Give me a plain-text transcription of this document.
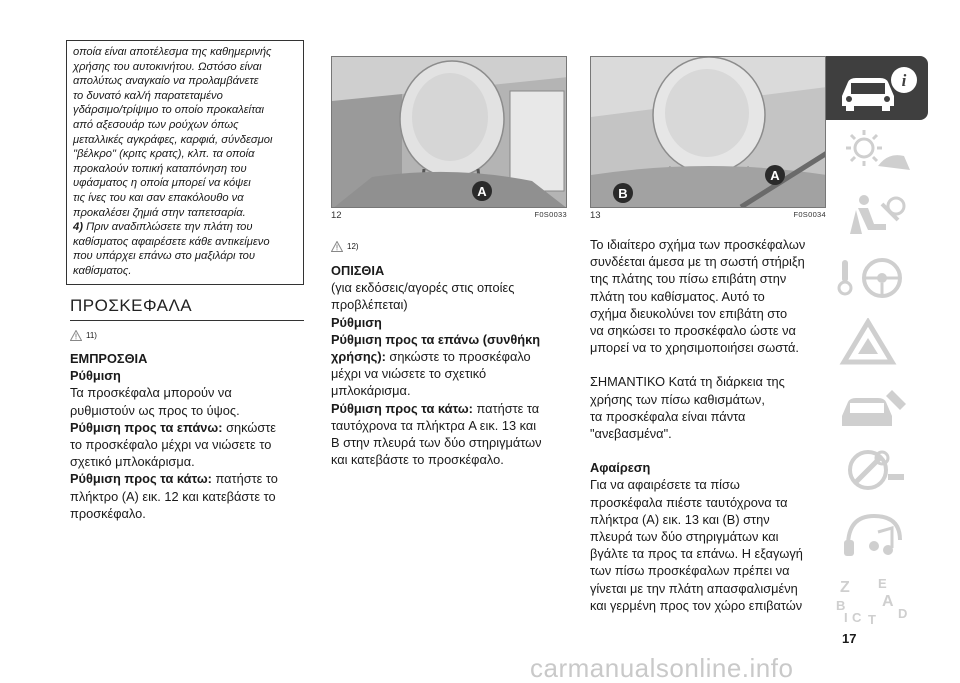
οποία είναι αποτέλεσμα της καθημερινής
χρήσης του αυτοκινήτου. Ωστόσο είναι
απολύτως αναγκαίο να προλαμβάνετε
το δυνατό καλ/ή παρατεταμένο
γδάρσιμο/τρίψιμο το οποίο προκαλείται
από αξεσουάρ των ρούχων όπως
μεταλλικές αγκράφες, καρφιά, σύνδεσμοι
"βέλκρο" (κριτς κρατς), κλπ. τα οποία
προκαλούν τοπική καταπόνηση του
υφάσματος η οποία μπορεί να κόψει
τις ίνες του και σαν επακόλουθο να
προκαλέσει ζημιά στην ταπετσαρία.
4) Πριν αναδιπλώσετε την πλάτη του
καθίσματος αφαιρέσετε κάθε αντικείμενο
που υπάρχει επάνω στο μαξιλάρι του
καθίσματος.

ΠΡΟΣΚΕΦΑΛΑ
11)
ΕΜΠΡΟΣΘΙΑ
Ρύθμιση
Τα προσκέφαλα μπορούν να
ρυθμιστούν ως προς το ύψος.
Ρύθμιση προς τα επάνω: σηκώστε
το προσκέφαλο μέχρι να νιώσετε το
σχετικό μπλοκάρισμα.
Ρύθμιση προς τα κάτω: πατήστε το
πλήκτρο (A) εικ. 12 και κατεβάστε το
προσκέφαλο.
A
12	F0S0033
12)
ΟΠΙΣΘΙΑ
(για εκδόσεις/αγορές στις οποίες
προβλέπεται)
Ρύθμιση
Ρύθμιση προς τα επάνω (συνθήκη
χρήσης): σηκώστε το προσκέφαλο
μέχρι να νιώσετε το σχετικό
μπλοκάρισμα.
Ρύθμιση προς τα κάτω: πατήστε τα
ταυτόχρονα τα πλήκτρα A εικ. 13 και
B στην πλευρά των δύο στηριγμάτων
και κατεβάστε το προσκέφαλο.
B
A
13	F0S0034
Το ιδιαίτερο σχήμα των προσκέφαλων
συνδέεται άμεσα με τη σωστή στήριξη
της πλάτης του πίσω επιβάτη στην
πλάτη του καθίσματος. Αυτό το
σχήμα διευκολύνει τον επιβάτη στο
να σηκώσει το προσκέφαλο ώστε να
μπορεί να το χρησιμοποιήσει σωστά.
ΣΗΜΑΝΤΙΚΟ Κατά τη διάρκεια της
χρήσης των πίσω καθισμάτων,
τα προσκέφαλα είναι πάντα
"ανεβασμένα".
Αφαίρεση
Για να αφαιρέσετε τα πίσω
προσκέφαλα πιέστε ταυτόχρονα τα
πλήκτρα (A) εικ. 13 και (B) στην
πλευρά των δύο στηριγμάτων και
βγάλτε τα προς τα επάνω. Η εξαγωγή
των πίσω προσκέφαλων πρέπει να
γίνεται με την πλάτη απασφαλισμένη
και γερμένη προς τον χώρο επιβατών
i
Z E
B A
C T
I	D
17
carmanualsonline.info
